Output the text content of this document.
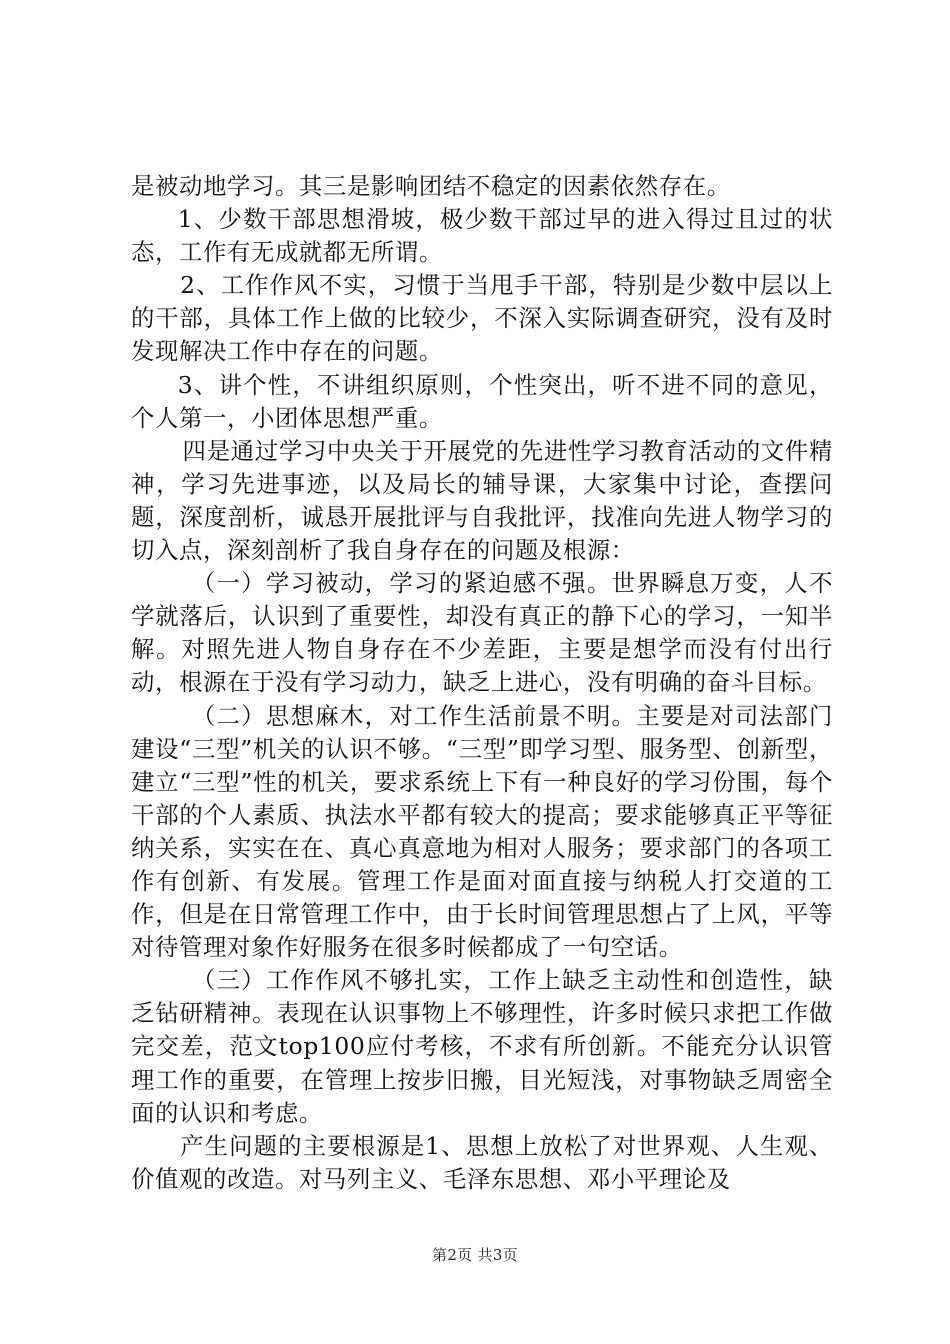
是被动地学习。其三是影响团结不稳定的因素依然存在。

1、少数干部思想滑坡，极少数干部过早的进入得过且过的状态，工作有无成就都无所谓。

2、工作作风不实，习惯于当甩手干部，特别是少数中层以上的干部，具体工作上做的比较少，不深入实际调查研究，没有及时发现解决工作中存在的问题。

3、讲个性，不讲组织原则，个性突出，听不进不同的意见，个人第一，小团体思想严重。

四是通过学习中央关于开展党的先进性学习教育活动的文件精神，学习先进事迹，以及局长的辅导课，大家集中讨论，查摆问题，深度剖析，诚恳开展批评与自我批评，找准向先进人物学习的切入点，深刻剖析了我自身存在的问题及根源：

（一）学习被动，学习的紧迫感不强。世界瞬息万变，人不学就落后，认识到了重要性，却没有真正的静下心的学习，一知半解。对照先进人物自身存在不少差距，主要是想学而没有付出行动，根源在于没有学习动力，缺乏上进心，没有明确的奋斗目标。

（二）思想麻木，对工作生活前景不明。主要是对司法部门建设“三型”机关的认识不够。“三型”即学习型、服务型、创新型，建立“三型”性的机关，要求系统上下有一种良好的学习份围，每个干部的个人素质、执法水平都有较大的提高；要求能够真正平等征纳关系，实实在在、真心真意地为相对人服务；要求部门的各项工作有创新、有发展。管理工作是面对面直接与纳税人打交道的工作，但是在日常管理工作中，由于长时间管理思想占了上风，平等对待管理对象作好服务在很多时候都成了一句空话。

（三）工作作风不够扎实，工作上缺乏主动性和创造性，缺乏钻研精神。表现在认识事物上不够理性，许多时候只求把工作做完交差，范文top100应付考核，不求有所创新。不能充分认识管理工作的重要，在管理上按步旧搬，目光短浅，对事物缺乏周密全面的认识和考虑。

产生问题的主要根源是1、思想上放松了对世界观、人生观、价值观的改造。对马列主义、毛泽东思想、邓小平理论及

第2页 共3页
